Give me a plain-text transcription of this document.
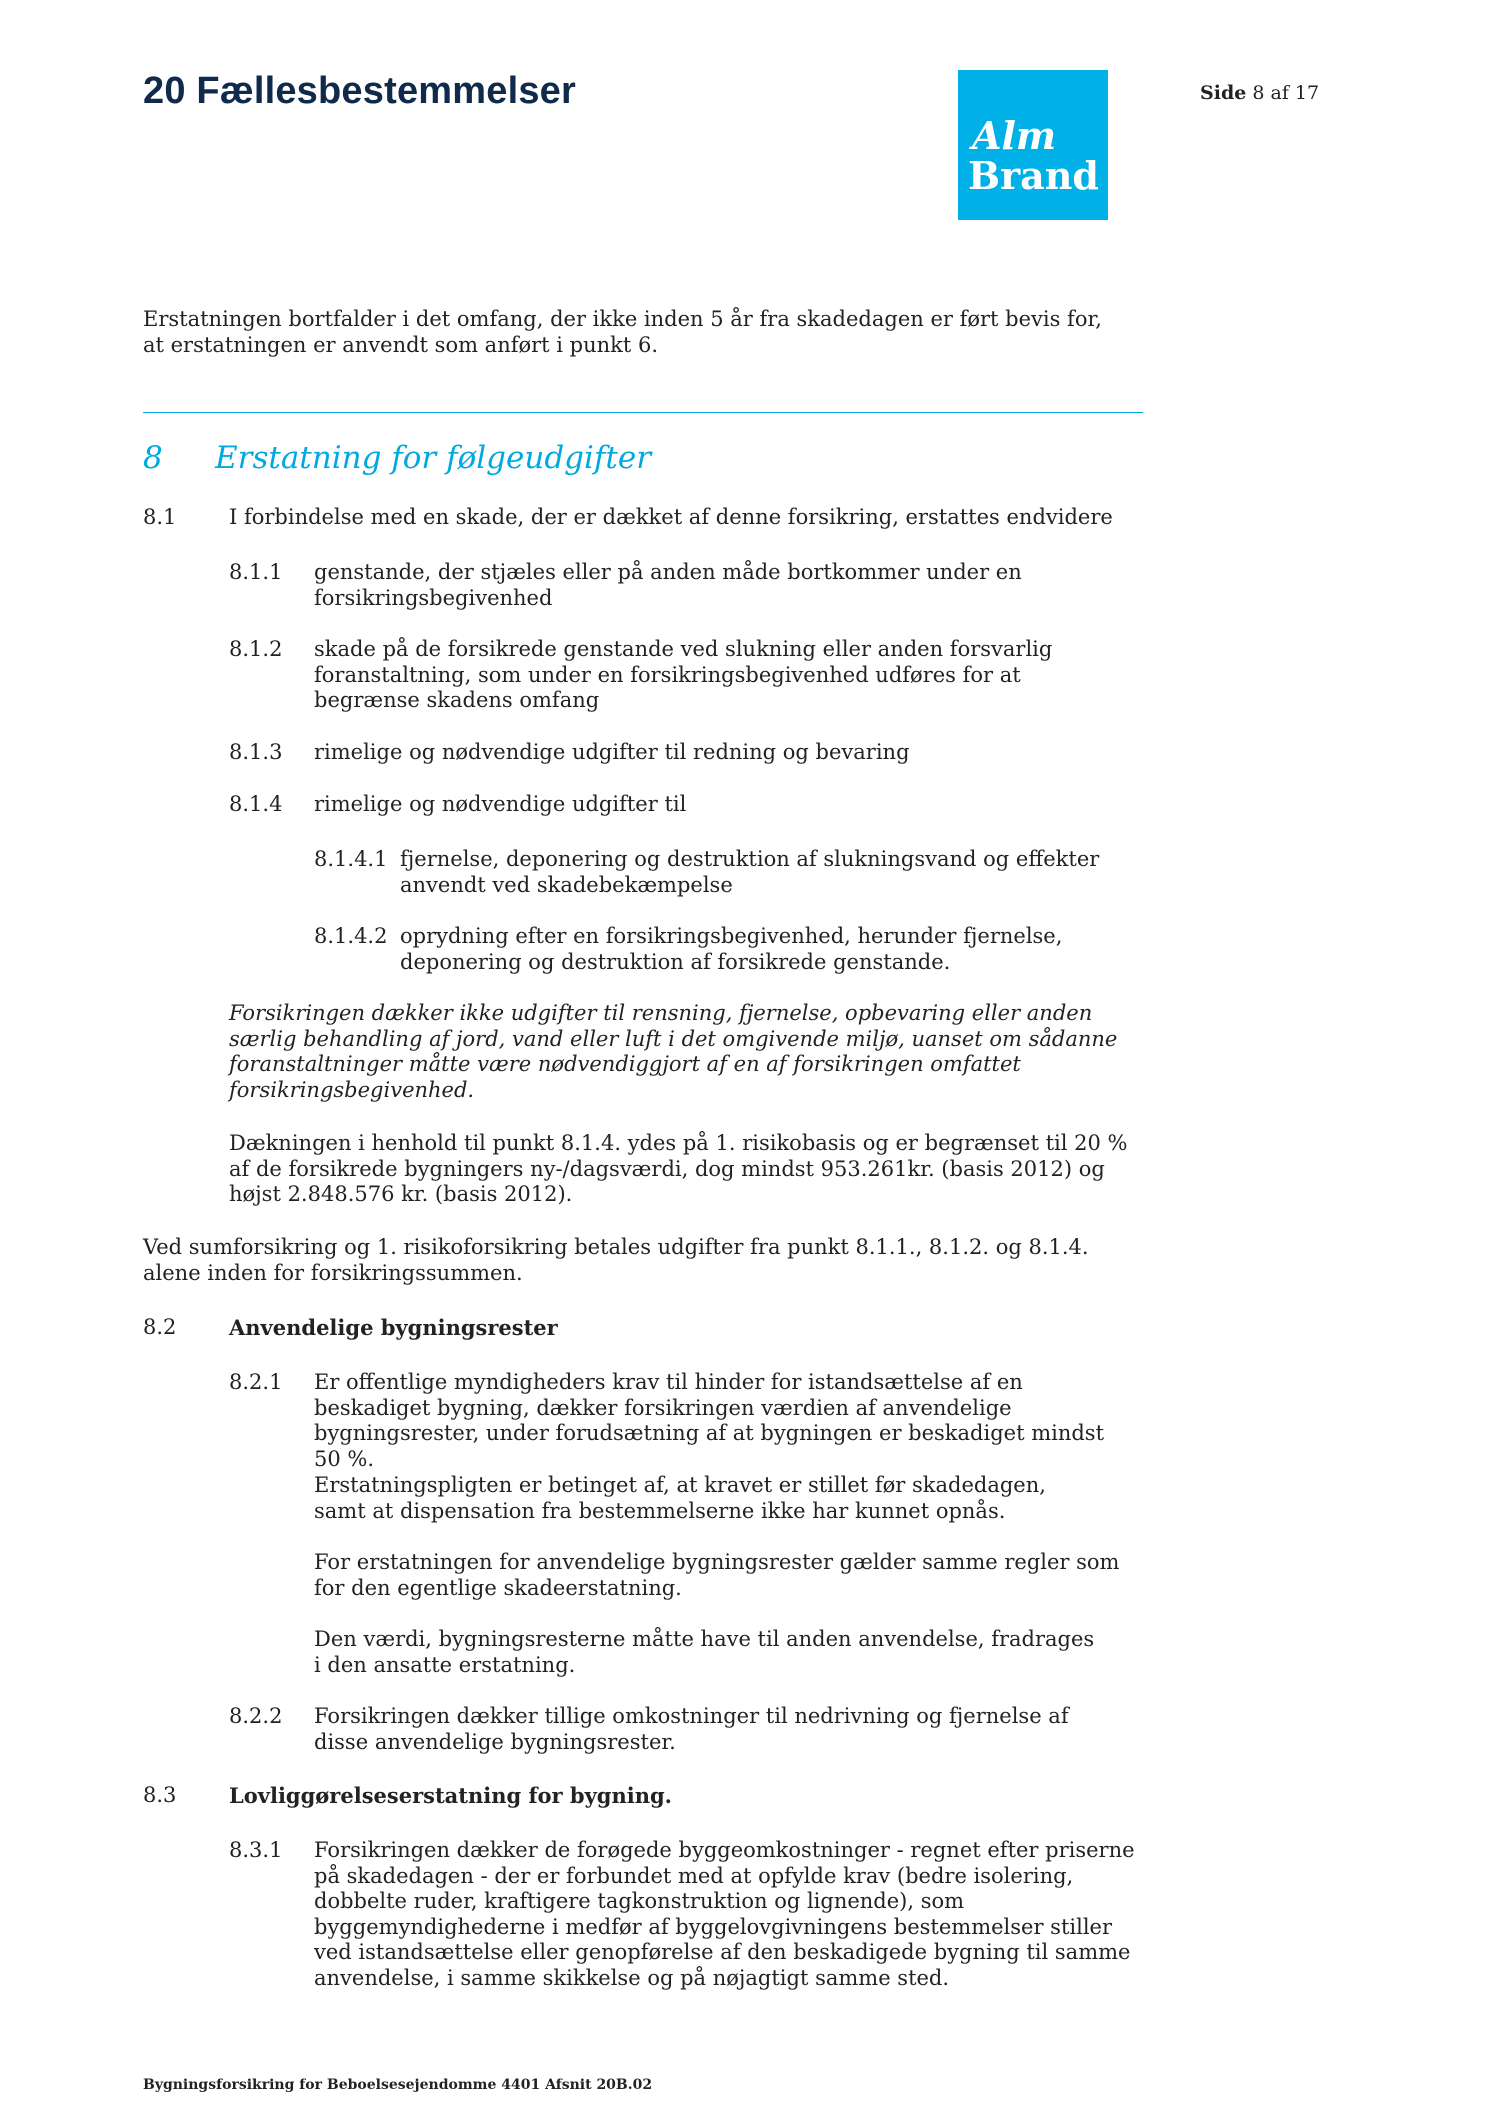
20 Fællesbestemmelser
Alm
Brand
Side 8 af 17
Erstatningen bortfalder i det omfang, der ikke inden 5 år fra skadedagen er ført bevis for, at erstatningen er anvendt som anført i punkt 6.
8 Erstatning for følgeudgifter
8.1	I forbindelse med en skade, der er dækket af denne forsikring, erstattes endvidere
8.1.1 genstande, der stjæles eller på anden måde bortkommer under en forsikringsbegivenhed
8.1.2 skade på de forsikrede genstande ved slukning eller anden forsvarlig foranstaltning, som under en forsikringsbegivenhed udføres for at begrænse skadens omfang
8.1.3 rimelige og nødvendige udgifter til redning og bevaring
8.1.4 rimelige og nødvendige udgifter til
8.1.4.1 fjernelse, deponering og destruktion af slukningsvand og effekter anvendt ved skadebekæmpelse
8.1.4.2 oprydning efter en forsikringsbegivenhed, herunder fjernelse, deponering og destruktion af forsikrede genstande.
Forsikringen dækker ikke udgifter til rensning, fjernelse, opbevaring eller anden særlig behandling af jord, vand eller luft i det omgivende miljø, uanset om sådanne foranstaltninger måtte være nødvendiggjort af en af forsikringen omfattet forsikringsbegivenhed.
Dækningen i henhold til punkt 8.1.4. ydes på 1. risikobasis og er begrænset til 20 % af de forsikrede bygningers ny-/dagsværdi, dog mindst 953.261kr. (basis 2012) og højst 2.848.576 kr. (basis 2012).
Ved sumforsikring og 1. risikoforsikring betales udgifter fra punkt 8.1.1., 8.1.2. og 8.1.4. alene inden for forsikringssummen.
8.2	Anvendelige bygningsrester
8.2.1 Er offentlige myndigheders krav til hinder for istandsættelse af en beskadiget bygning, dækker forsikringen værdien af anvendelige bygningsrester, under forudsætning af at bygningen er beskadiget mindst 50 %.
Erstatningspligten er betinget af, at kravet er stillet før skadedagen, samt at dispensation fra bestemmelserne ikke har kunnet opnås.
For erstatningen for anvendelige bygningsrester gælder samme regler som for den egentlige skadeerstatning.
Den værdi, bygningsresterne måtte have til anden anvendelse, fradrages i den ansatte erstatning.
8.2.2 Forsikringen dækker tillige omkostninger til nedrivning og fjernelse af disse anvendelige bygningsrester.
8.3	Lovliggørelseserstatning for bygning.
8.3.1 Forsikringen dækker de forøgede byggeomkostninger - regnet efter priserne på skadedagen - der er forbundet med at opfylde krav (bedre isolering, dobbelte ruder, kraftigere tagkonstruktion og lignende), som byggemyndighederne i medfør af byggelovgivningens bestemmelser stiller ved istandsættelse eller genopførelse af den beskadigede bygning til samme anvendelse, i samme skikkelse og på nøjagtigt samme sted.
Bygningsforsikring for Beboelsesejendomme 4401 Afsnit 20B.02
